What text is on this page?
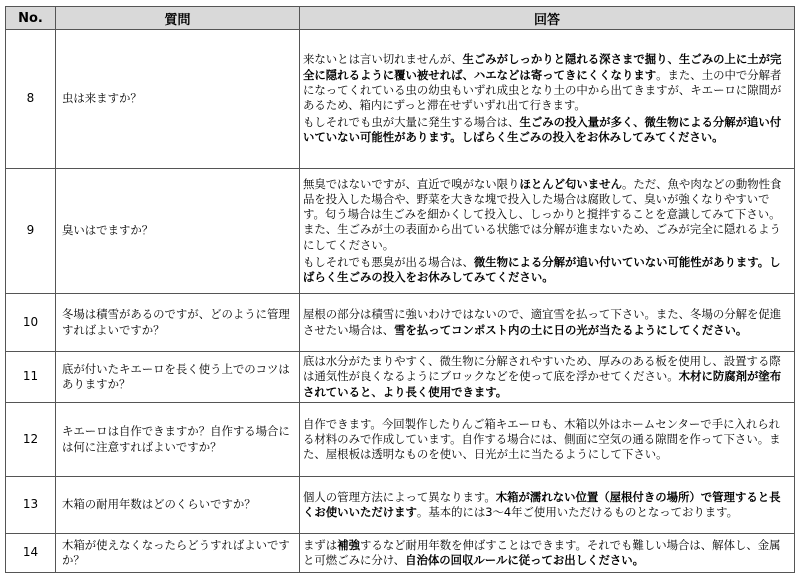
No.	質問	回答
8	虫は来ますか？	来ないとは言い切れませんが、生ごみがしっかりと隠れる深さまで掘り、生ごみの上に土が完全に隠れるように覆い被せれば、ハエなどは寄ってきにくくなります。また、土の中で分解者になってくれている虫の幼虫もいずれ成虫となり土の中から出てきますが、キエーロに隙間があるため、箱内にずっと滞在せずいずれ出て行きます。

もしそれでも虫が大量に発生する場合は、生ごみの投入量が多く、微生物による分解が追い付いていない可能性があります。しばらく生ごみの投入をお休みしてみてください。

9	臭いはでますか？	無臭ではないですが、直近で嗅がない限りほとんど匂いません。ただ、魚や肉などの動物性食品を投入した場合や、野菜を大きな塊で投入した場合は腐敗して、臭いが強くなりやすいです。匂う場合は生ごみを細かくして投入し、しっかりと撹拌することを意識してみて下さい。また、生ごみが土の表面から出ている状態では分解が進まないため、ごみが完全に隠れるようにしてください。

もしそれでも悪臭が出る場合は、微生物による分解が追い付いていない可能性があります。しばらく生ごみの投入をお休みしてみてください。

10	冬場は積雪があるのですが、どのように管理すればよいですか？	屋根の部分は積雪に強いわけではないので、適宜雪を払って下さい。また、冬場の分解を促進させたい場合は、雪を払ってコンポスト内の土に日の光が当たるようにしてください。

11	底が付いたキエーロを長く使う上でのコツはありますか？	底は水分がたまりやすく、微生物に分解されやすいため、厚みのある板を使用し、設置する際は通気性が良くなるようにブロックなどを使って底を浮かせてください。木材に防腐剤が塗布されていると、より長く使用できます。

12	キエーロは自作できますか？自作する場合には何に注意すればよいですか？	自作できます。今回製作したりんご箱キエーロも、木箱以外はホームセンターで手に入れられる材料のみで作成しています。自作する場合には、側面に空気の通る隙間を作って下さい。また、屋根板は透明なものを使い、日光が土に当たるようにして下さい。

13	木箱の耐用年数はどのくらいですか？	個人の管理方法によって異なります。木箱が濡れない位置（屋根付きの場所）で管理すると長くお使いいただけます。基本的には3～4年ご使用いただけるものとなっております。

14	木箱が使えなくなったらどうすればよいですか？	まずは補強するなど耐用年数を伸ばすことはできます。それでも難しい場合は、解体し、金属と可燃ごみに分け、自治体の回収ルールに従ってお出しください。
